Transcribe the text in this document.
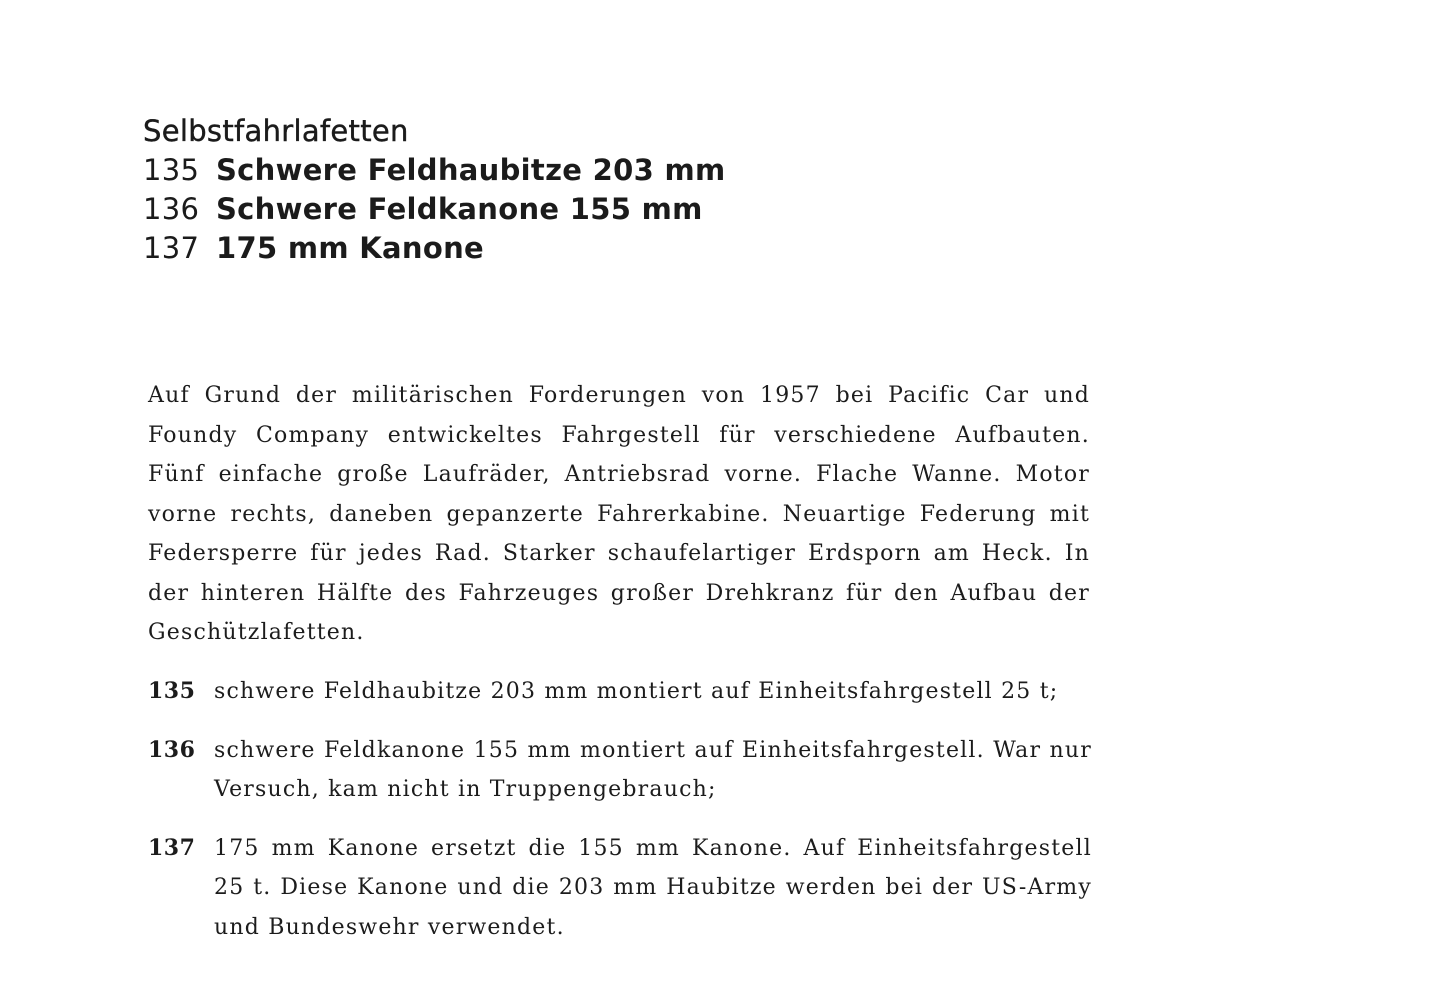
Selbstfahrlafetten
135 Schwere Feldhaubitze 203 mm
136 Schwere Feldkanone 155 mm
137 175 mm Kanone

Auf Grund der militärischen Forderungen von 1957 bei Pacific Car und Foundy Company entwickeltes Fahrgestell für verschiedene Aufbauten. Fünf einfache große Laufräder, Antriebsrad vorne. Flache Wanne. Motor vorne rechts, daneben gepanzerte Fahrerkabine. Neuartige Federung mit Federsperre für jedes Rad. Starker schaufelartiger Erdsporn am Heck. In der hinteren Hälfte des Fahrzeuges großer Drehkranz für den Aufbau der Geschützlafetten.

135 schwere Feldhaubitze 203 mm montiert auf Einheitsfahrgestell 25 t;
136 schwere Feldkanone 155 mm montiert auf Einheitsfahrgestell. War nur Versuch, kam nicht in Truppengebrauch;
137 175 mm Kanone ersetzt die 155 mm Kanone. Auf Einheitsfahrgestell 25 t. Diese Kanone und die 203 mm Haubitze werden bei der US-Army und Bundeswehr verwendet.
